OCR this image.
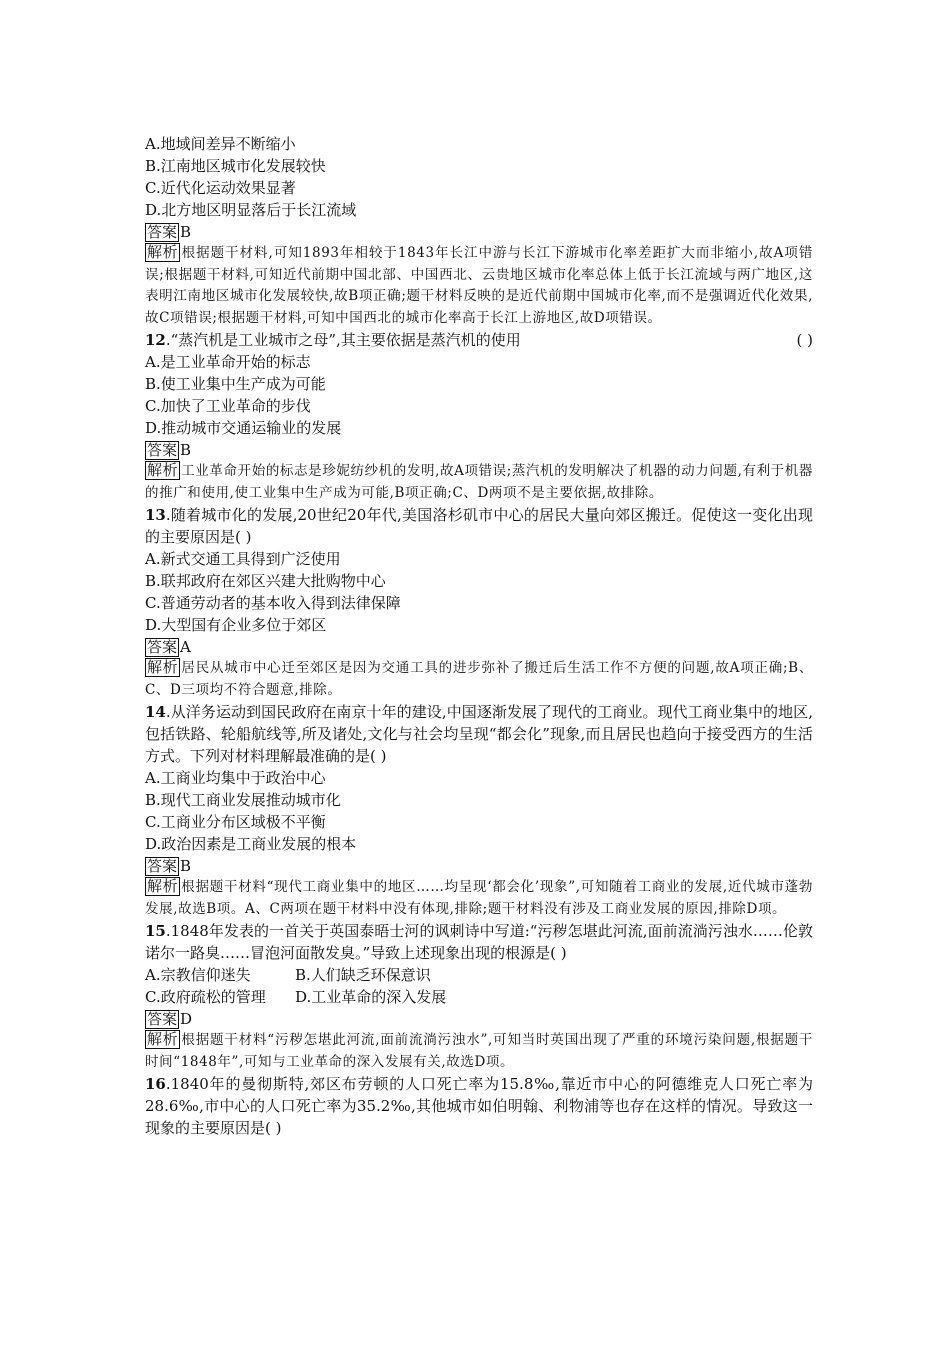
A.地域间差异不断缩小
B.江南地区城市化发展较快
C.近代化运动效果显著
D.北方地区明显落后于长江流域
答案 B
解析 根据题干材料,可知1893年相较于1843年长江中游与长江下游城市化率差距扩大而非缩小,故A项错误;根据题干材料,可知近代前期中国北部、中国西北、云贵地区城市化率总体上低于长江流域与两广地区,这表明江南地区城市化发展较快,故B项正确;题干材料反映的是近代前期中国城市化率,而不是强调近代化效果,故C项错误;根据题干材料,可知中国西北的城市化率高于长江上游地区,故D项错误。
12.“蒸汽机是工业城市之母”,其主要依据是蒸汽机的使用	( )
A.是工业革命开始的标志
B.使工业集中生产成为可能
C.加快了工业革命的步伐
D.推动城市交通运输业的发展
答案 B
解析 工业革命开始的标志是珍妮纺纱机的发明,故A项错误;蒸汽机的发明解决了机器的动力问题,有利于机器的推广和使用,使工业集中生产成为可能,B项正确;C、D两项不是主要依据,故排除。
13.随着城市化的发展,20世纪20年代,美国洛杉矶市中心的居民大量向郊区搬迁。促使这一变化出现的主要原因是( )
A.新式交通工具得到广泛使用
B.联邦政府在郊区兴建大批购物中心
C.普通劳动者的基本收入得到法律保障
D.大型国有企业多位于郊区
答案 A
解析 居民从城市中心迁至郊区是因为交通工具的进步弥补了搬迁后生活工作不方便的问题,故A项正确;B、C、D三项均不符合题意,排除。
14.从洋务运动到国民政府在南京十年的建设,中国逐渐发展了现代的工商业。现代工商业集中的地区,包括铁路、轮船航线等,所及诸处,文化与社会均呈现“都会化”现象,而且居民也趋向于接受西方的生活方式。下列对材料理解最准确的是( )
A.工商业均集中于政治中心
B.现代工商业发展推动城市化
C.工商业分布区域极不平衡
D.政治因素是工商业发展的根本
答案 B
解析 根据题干材料“现代工商业集中的地区……均呈现‘都会化’现象”,可知随着工商业的发展,近代城市蓬勃发展,故选B项。A、C两项在题干材料中没有体现,排除;题干材料没有涉及工商业发展的原因,排除D项。
15.1848年发表的一首关于英国泰晤士河的讽刺诗中写道:“污秽怎堪此河流,面前流淌污浊水……伦敦诺尔一路臭……冒泡河面散发臭。”导致上述现象出现的根源是( )
A.宗教信仰迷失	B.人们缺乏环保意识
C.政府疏松的管理 D.工业革命的深入发展
答案 D
解析 根据题干材料“污秽怎堪此河流,面前流淌污浊水”,可知当时英国出现了严重的环境污染问题,根据题干时间“1848年”,可知与工业革命的深入发展有关,故选D项。
16.1840年的曼彻斯特,郊区布劳顿的人口死亡率为15.8‰,靠近市中心的阿德维克人口死亡率为28.6‰,市中心的人口死亡率为35.2‰,其他城市如伯明翰、利物浦等也存在这样的情况。导致这一现象的主要原因是( )
